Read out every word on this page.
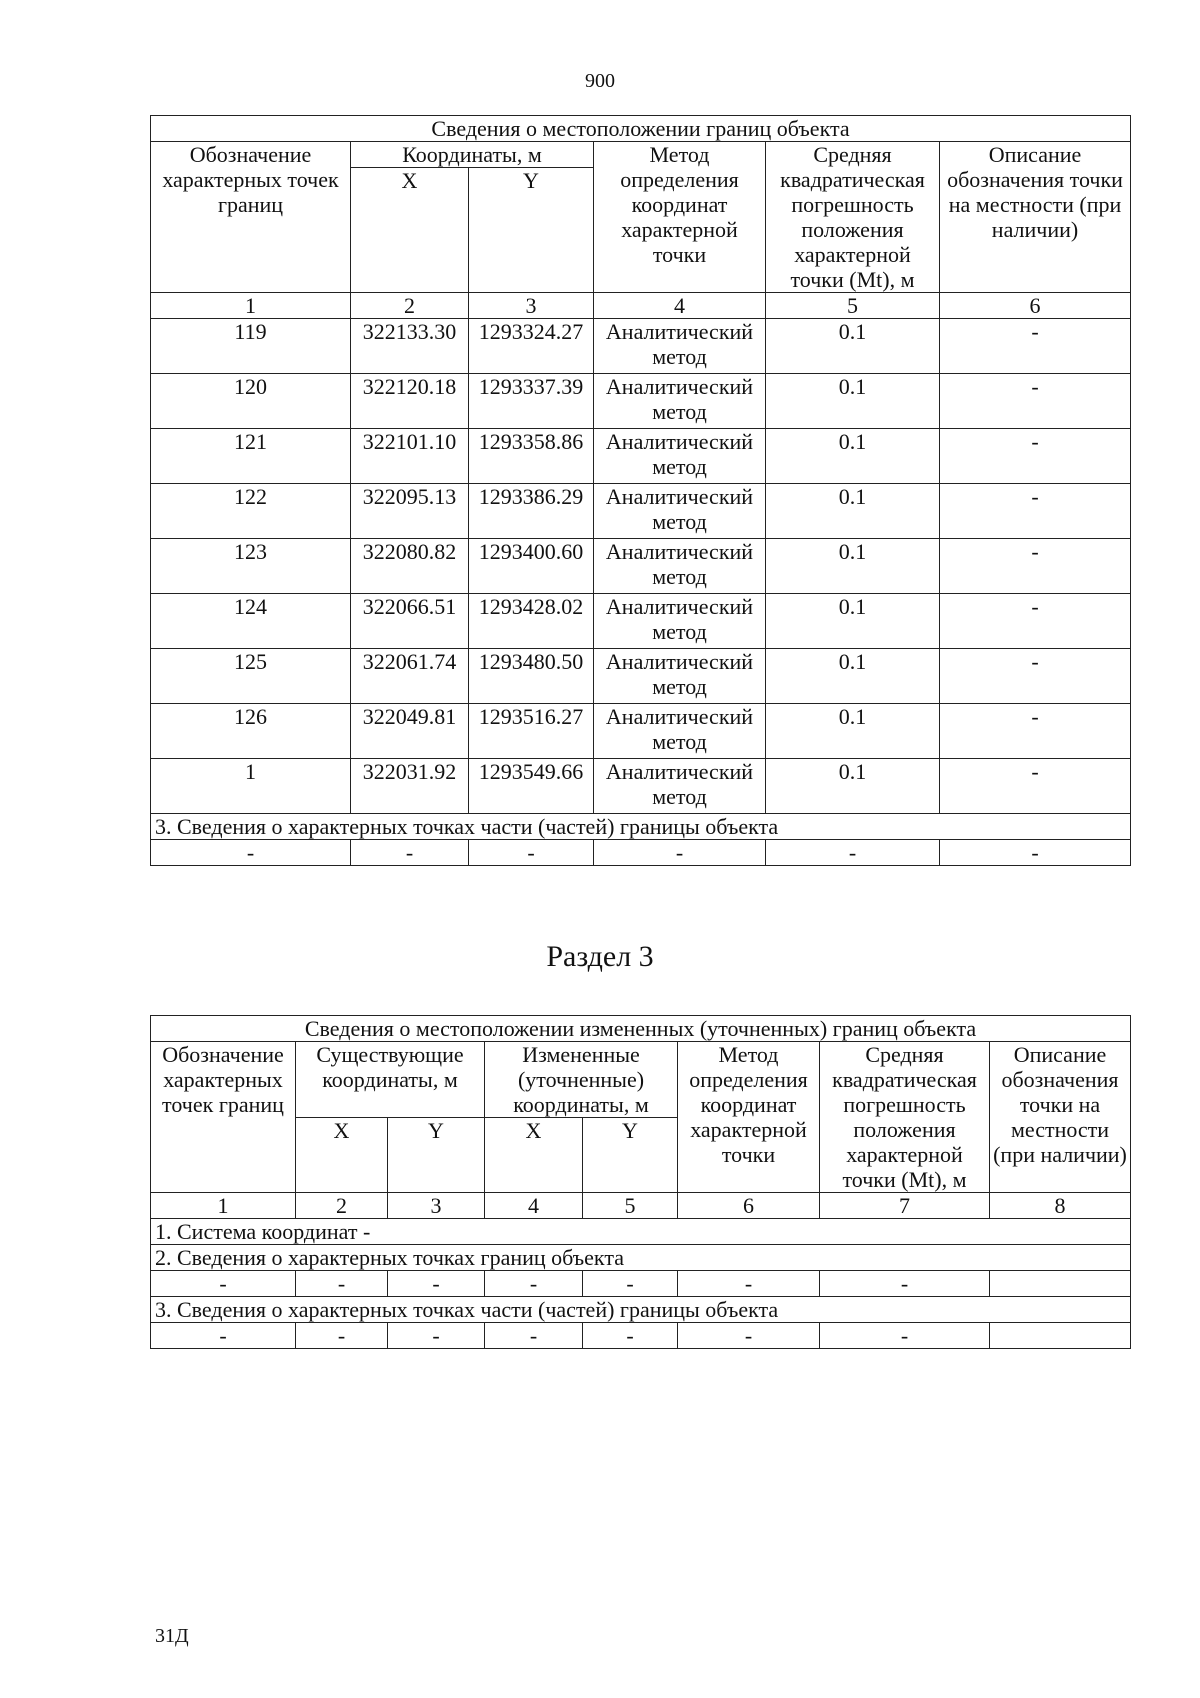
900
Сведения о местоположении границ объекта					
Обозначение характерных точек границ	Координаты, м		Метод определения координат характерной точки	Средняя квадратическая погрешность положения характерной точки (Mt), м	Описание обозначения точки на местности (при наличии)
	X	Y			
1	2	3	4	5	6
119	322133.30	1293324.27	Аналитический метод	0.1	-
120	322120.18	1293337.39	Аналитический метод	0.1	-
121	322101.10	1293358.86	Аналитический метод	0.1	-
122	322095.13	1293386.29	Аналитический метод	0.1	-
123	322080.82	1293400.60	Аналитический метод	0.1	-
124	322066.51	1293428.02	Аналитический метод	0.1	-
125	322061.74	1293480.50	Аналитический метод	0.1	-
126	322049.81	1293516.27	Аналитический метод	0.1	-
1	322031.92	1293549.66	Аналитический метод	0.1	-
3. Сведения о характерных точках части (частей) границы объекта					
-	-	-	-	-	-
Раздел 3
Сведения о местоположении измененных (уточненных) границ объекта							
Обозначение характерных точек границ	Существующие координаты, м		Измененные (уточненные) координаты, м		Метод определения координат характерной точки	Средняя квадратическая погрешность положения характерной точки (Mt), м	Описание обозначения точки на местности (при наличии)
	X	Y	X	Y			
1	2	3	4	5	6	7	8
1. Система координат -							
2. Сведения о характерных точках границ объекта							
-	-	-	-	-	-	-	
3. Сведения о характерных точках части (частей) границы объекта							
-	-	-	-	-	-	-	
31Д
